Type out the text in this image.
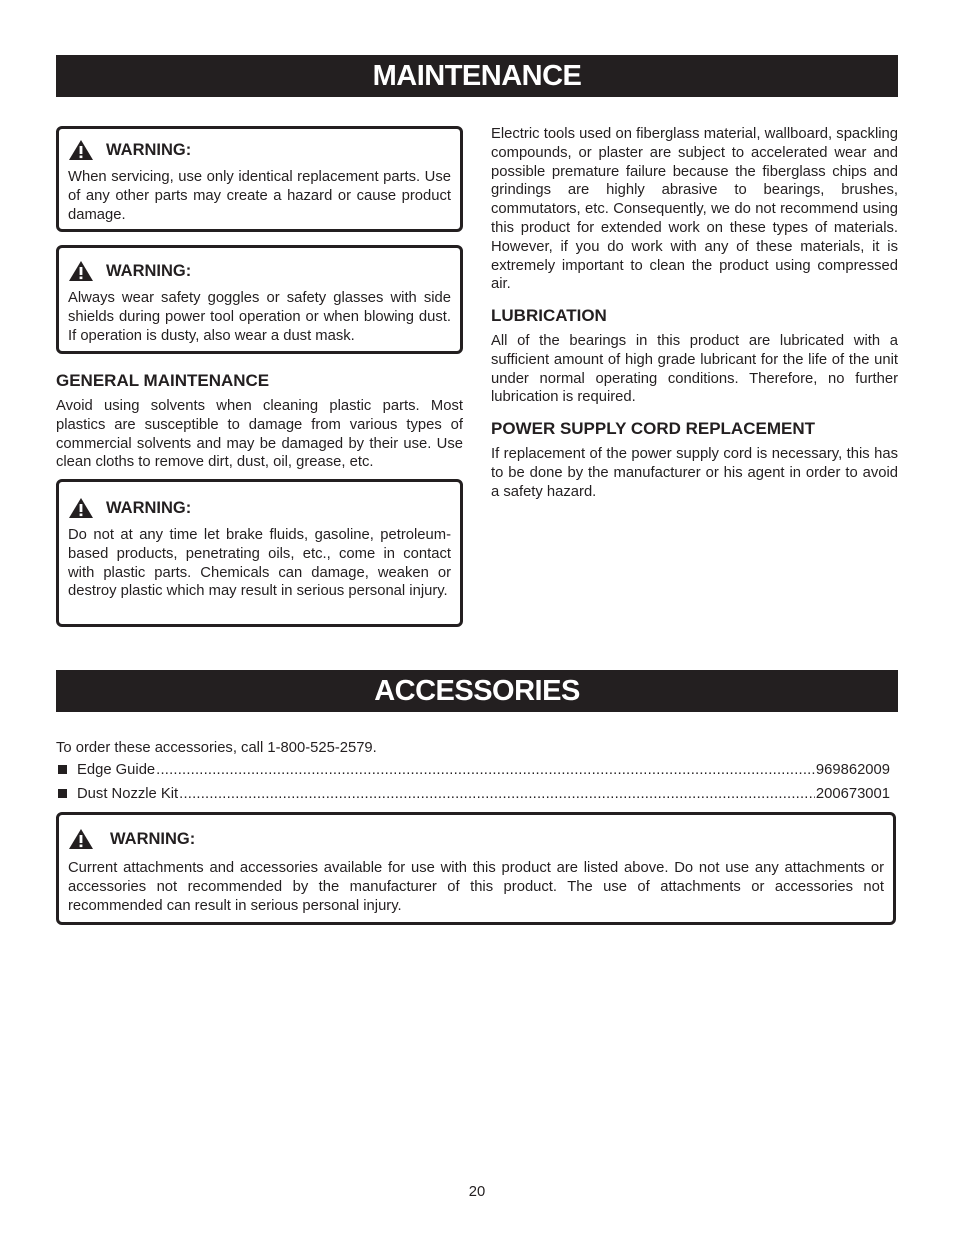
MAINTENANCE
WARNING:

When servicing, use only identical replacement parts. Use of any other parts may create a hazard or cause product damage.

WARNING:

Always wear safety goggles or safety glasses with side shields during power tool operation or when blowing dust. If operation is dusty, also wear a dust mask.

GENERAL MAINTENANCE

Avoid using solvents when cleaning plastic parts. Most plastics are susceptible to damage from various types of commercial solvents and may be damaged by their use. Use clean cloths to remove dirt, dust, oil, grease, etc.

WARNING:

Do not at any time let brake fluids, gasoline, petroleum-based products, penetrating oils, etc., come in contact with plastic parts. Chemicals can damage, weaken or destroy plastic which may result in serious personal injury.

Electric tools used on fiberglass material, wallboard, spackling compounds, or plaster are subject to accelerated wear and possible premature failure because the fiberglass chips and grindings are highly abrasive to bearings, brushes, commutators, etc. Consequently, we do not recommend using this product for extended work on these types of materials. However, if you do work with any of these materials, it is extremely important to clean the product using compressed air.

LUBRICATION

All of the bearings in this product are lubricated with a sufficient amount of high grade lubricant for the life of the unit under normal operating conditions. Therefore, no further lubrication is required.

POWER SUPPLY CORD REPLACEMENT

If replacement of the power supply cord is necessary, this has to be done by the manufacturer or his agent in order to avoid a safety hazard.

ACCESSORIES

To order these accessories, call 1-800-525-2579.

Edge Guide .....	969862009
Dust Nozzle Kit .....	200673001
WARNING:

Current attachments and accessories available for use with this product are listed above. Do not use any attachments or accessories not recommended by the manufacturer of this product. The use of attachments or accessories not recommended can result in serious personal injury.

20
